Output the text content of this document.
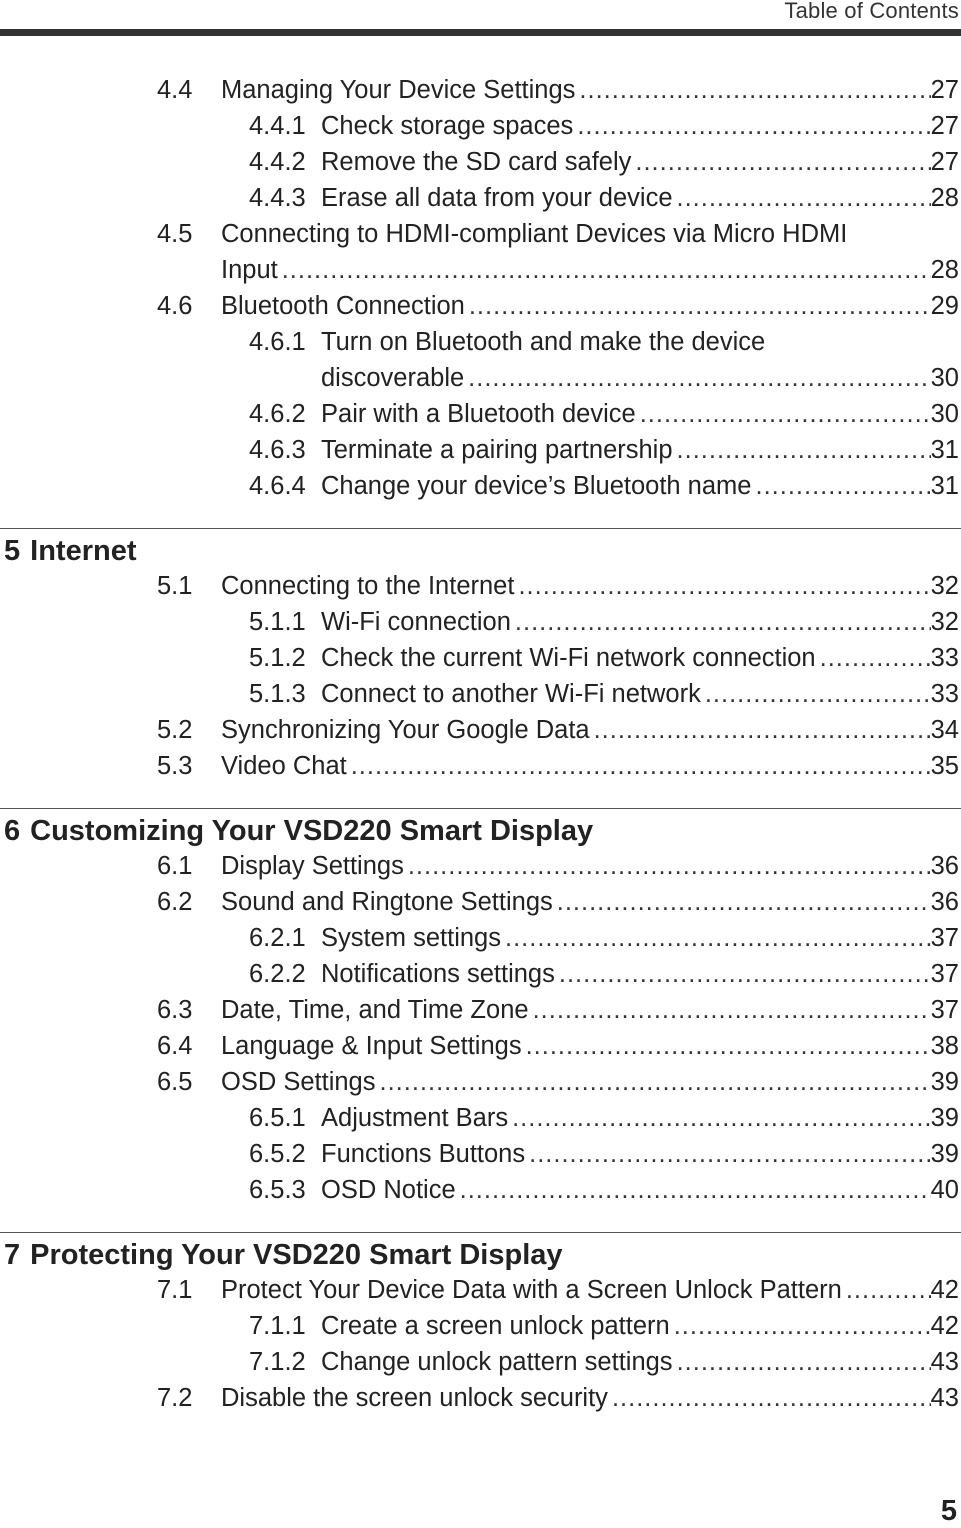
Table of Contents
4.4 Managing Your Device Settings .....	27
4.4.1 Check storage spaces .....	27
4.4.2 Remove the SD card safely .....	27
4.4.3 Erase all data from your device .....	28
4.5 Connecting to HDMI-compliant Devices via Micro HDMI
Input .....	28
4.6 Bluetooth Connection .....	29
4.6.1 Turn on Bluetooth and make the device
discoverable .....	30
4.6.2 Pair with a Bluetooth device .....	30
4.6.3 Terminate a pairing partnership .....	31
4.6.4 Change your device’s Bluetooth name .....	31
5 Internet
5.1 Connecting to the Internet .....	32
5.1.1 Wi-Fi connection .....	32
5.1.2 Check the current Wi-Fi network connection .....	33
5.1.3 Connect to another Wi-Fi network .....	33
5.2 Synchronizing Your Google Data .....	34
5.3 Video Chat .....	35
6 Customizing Your VSD220 Smart Display
6.1 Display Settings .....	36
6.2 Sound and Ringtone Settings .....	36
6.2.1 System settings .....	37
6.2.2 Notifications settings .....	37
6.3 Date, Time, and Time Zone .....	37
6.4 Language & Input Settings .....	38
6.5 OSD Settings .....	39
6.5.1 Adjustment Bars .....	39
6.5.2 Functions Buttons .....	39
6.5.3 OSD Notice .....	40
7 Protecting Your VSD220 Smart Display
7.1 Protect Your Device Data with a Screen Unlock Pattern .....	42
7.1.1 Create a screen unlock pattern .....	42
7.1.2 Change unlock pattern settings .....	43
7.2 Disable the screen unlock security .....	43
5
